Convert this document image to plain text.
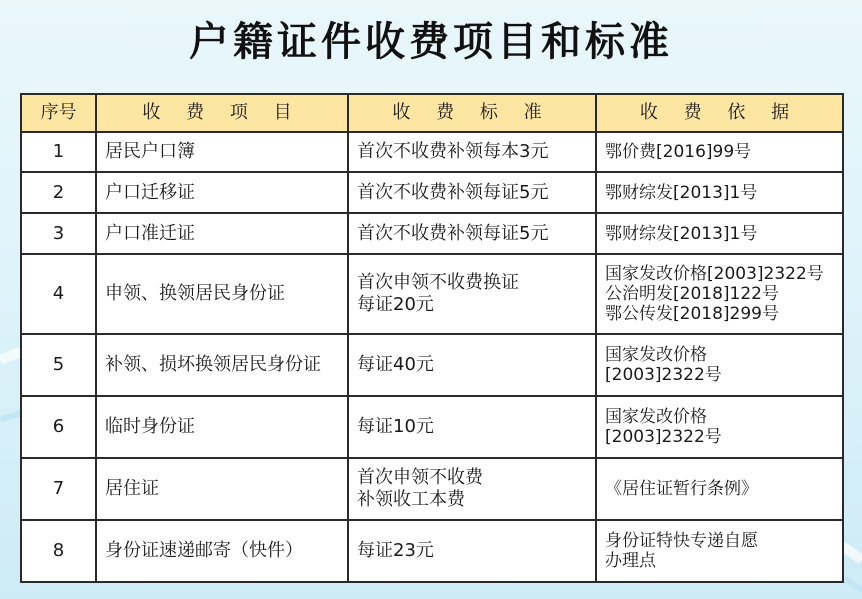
户籍证件收费项目和标准
序号	收 费 项 目	收 费 标 准	收 费 依 据
1	居民户口簿	首次不收费补领每本3元	鄂价费[2016]99号

2	户口迁移证	首次不收费补领每证5元	鄂财综发[2013]1号

3	户口准迁证	首次不收费补领每证5元	鄂财综发[2013]1号

4	申领、换领居民身份证	首次申领不收费换证
每证20元	国家发改价格[2003]2322号
公治明发[2018]122号
鄂公传发[2018]299号

5	补领、损坏换领居民身份证	每证40元	国家发改价格
[2003]2322号

6	临时身份证	每证10元	国家发改价格
[2003]2322号

7	居住证	首次申领不收费
补领收工本费	《居住证暂行条例》

8	身份证速递邮寄（快件）	每证23元	身份证特快专递自愿
办理点
